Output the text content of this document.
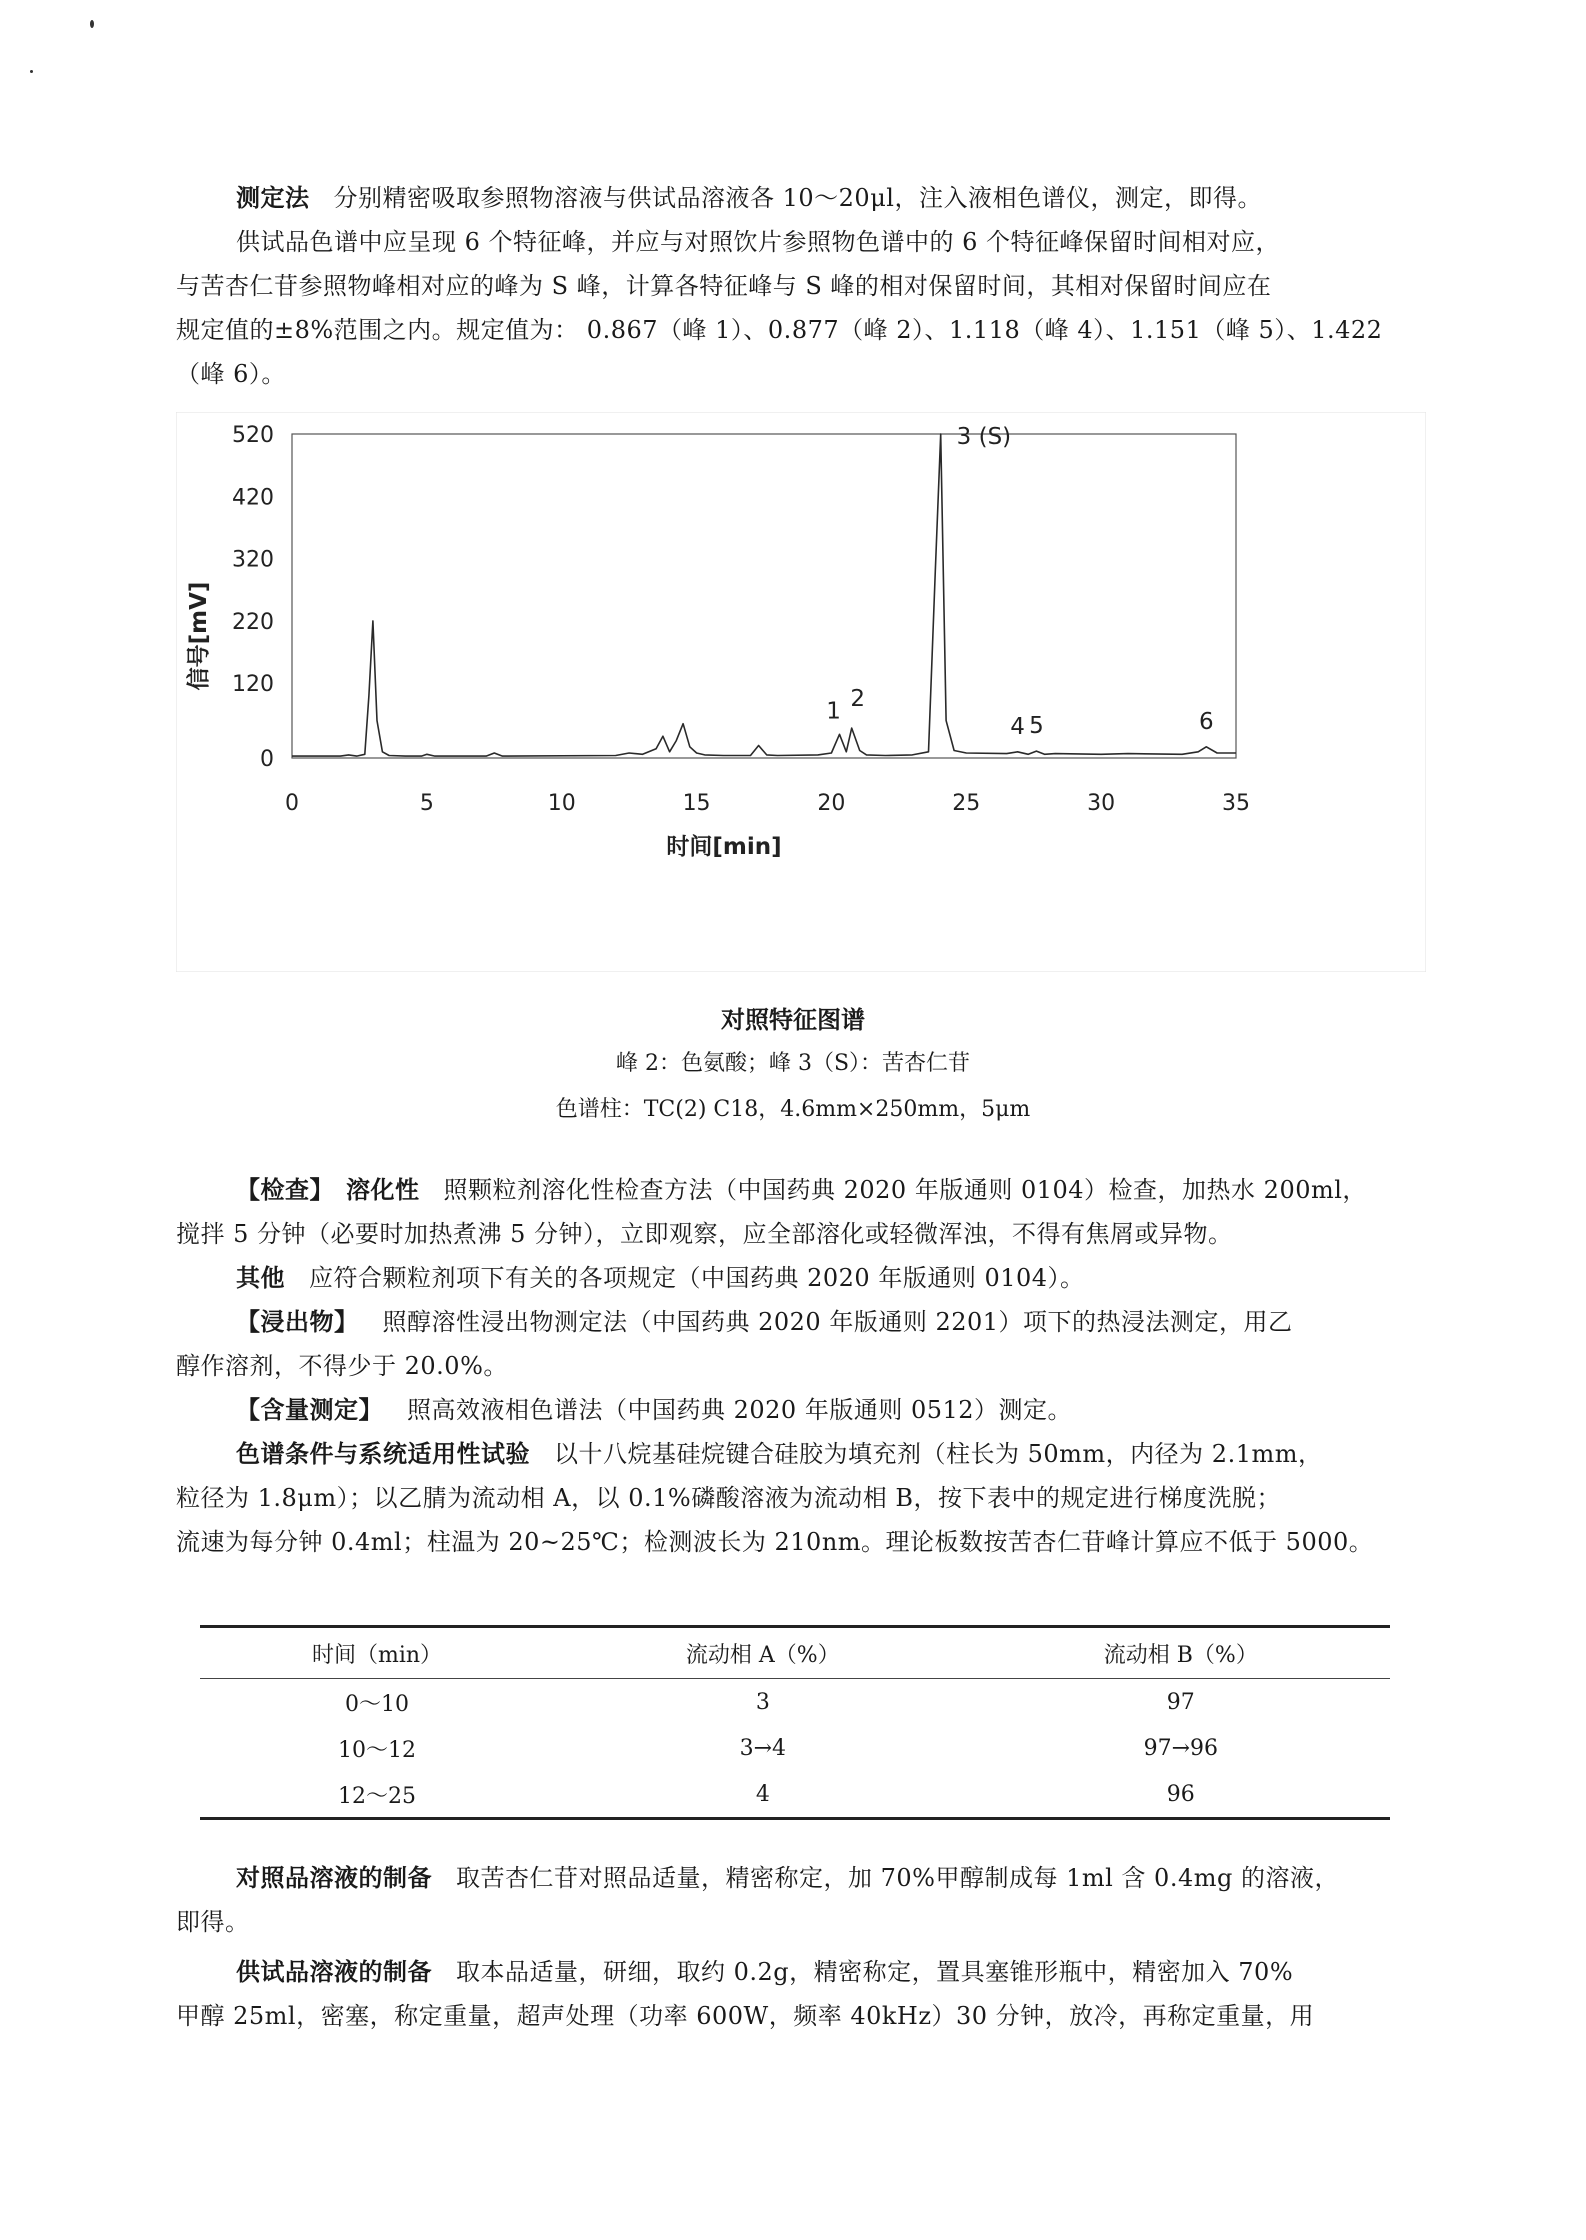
测定法 分别精密吸取参照物溶液与供试品溶液各 10～20μl，注入液相色谱仪，测定，即得。
供试品色谱中应呈现 6 个特征峰，并应与对照饮片参照物色谱中的 6 个特征峰保留时间相对应，
与苦杏仁苷参照物峰相对应的峰为 S 峰，计算各特征峰与 S 峰的相对保留时间，其相对保留时间应在
规定值的±8%范围之内。规定值为： 0.867（峰 1）、0.877（峰 2）、1.118（峰 4）、1.151（峰 5）、1.422
（峰 6）。
0
120
220
320
420
520
0	5	10	15	20	25	30	35
时间[min]
信号[mV]
3 (S)
1 2
4 5	6
对照特征图谱
峰 2：色氨酸；峰 3（S）：苦杏仁苷
色谱柱：TC(2) C18，4.6mm×250mm，5μm
【检查】 溶化性 照颗粒剂溶化性检查方法（中国药典 2020 年版通则 0104）检查，加热水 200ml，
搅拌 5 分钟（必要时加热煮沸 5 分钟），立即观察，应全部溶化或轻微浑浊，不得有焦屑或异物。
其他 应符合颗粒剂项下有关的各项规定（中国药典 2020 年版通则 0104）。
【浸出物】 照醇溶性浸出物测定法（中国药典 2020 年版通则 2201）项下的热浸法测定，用乙
醇作溶剂，不得少于 20.0%。
【含量测定】 照高效液相色谱法（中国药典 2020 年版通则 0512）测定。
色谱条件与系统适用性试验 以十八烷基硅烷键合硅胶为填充剂（柱长为 50mm，内径为 2.1mm，
粒径为 1.8μm）；以乙腈为流动相 A，以 0.1%磷酸溶液为流动相 B，按下表中的规定进行梯度洗脱；
流速为每分钟 0.4ml；柱温为 20~25℃；检测波长为 210nm。理论板数按苦杏仁苷峰计算应不低于 5000。
时间（min）	流动相 A（%）	流动相 B（%）
0～10	3	97
10～12	3→4	97→96
12～25	4	96
对照品溶液的制备 取苦杏仁苷对照品适量，精密称定，加 70%甲醇制成每 1ml 含 0.4mg 的溶液，
即得。
供试品溶液的制备 取本品适量，研细，取约 0.2g，精密称定，置具塞锥形瓶中，精密加入 70%
甲醇 25ml，密塞，称定重量，超声处理（功率 600W，频率 40kHz）30 分钟，放冷，再称定重量，用
